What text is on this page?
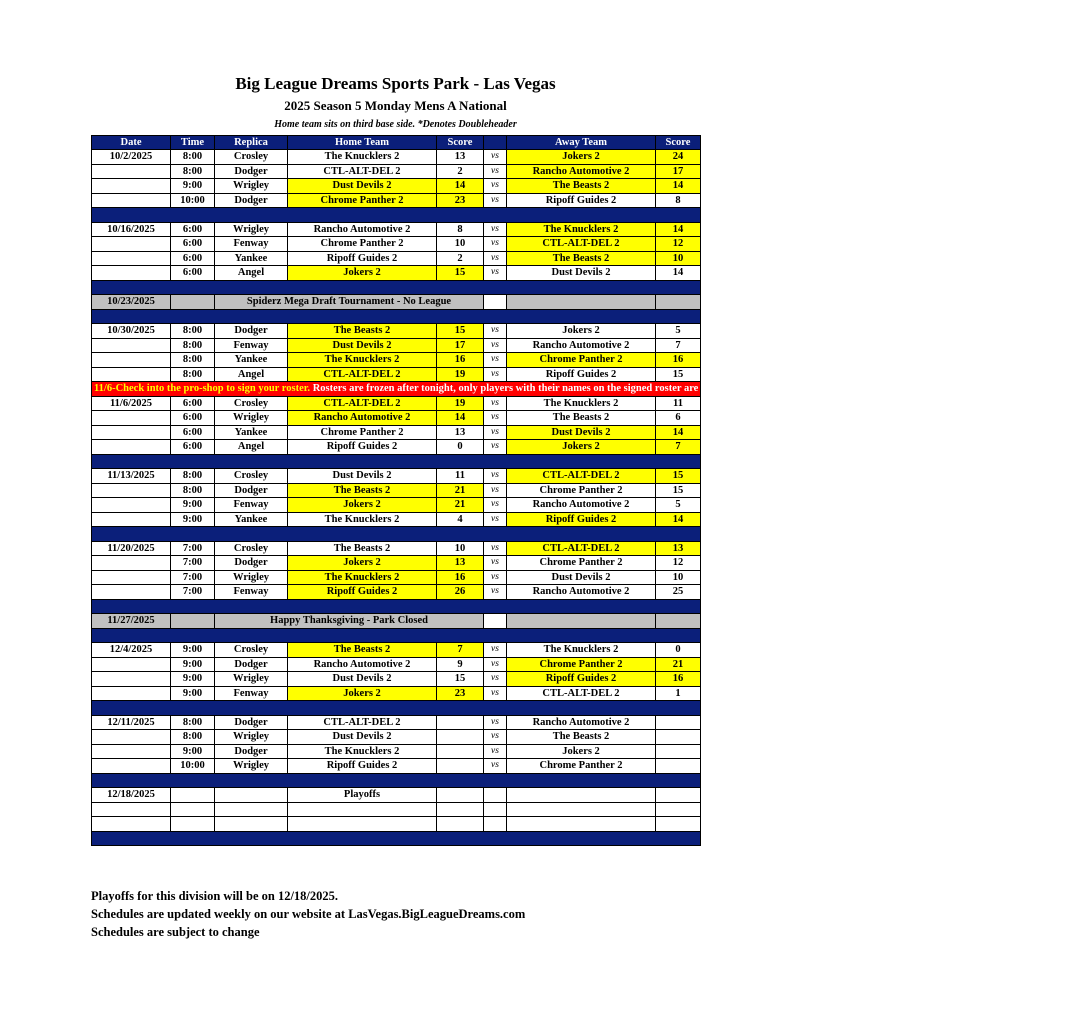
Big League Dreams Sports Park - Las Vegas
2025 Season 5 Monday Mens A National
Home team sits on third base side. *Denotes Doubleheader
Date	Time	Replica	Home Team	Score		Away Team	Score
10/2/2025	8:00	Crosley	The Knucklers 2	13	vs	Jokers 2	24
	8:00	Dodger	CTL-ALT-DEL 2	2	vs	Rancho Automotive 2	17
	9:00	Wrigley	Dust Devils 2	14	vs	The Beasts 2	14
	10:00	Dodger	Chrome Panther 2	23	vs	Ripoff Guides 2	8

10/16/2025	6:00	Wrigley	Rancho Automotive 2	8	vs	The Knucklers 2	14
	6:00	Fenway	Chrome Panther 2	10	vs	CTL-ALT-DEL 2	12
	6:00	Yankee	Ripoff Guides 2	2	vs	The Beasts 2	10
	6:00	Angel	Jokers 2	15	vs	Dust Devils 2	14

10/23/2025		Spiderz Mega Draft Tournament - No League					

10/30/2025	8:00	Dodger	The Beasts 2	15	vs	Jokers 2	5
	8:00	Fenway	Dust Devils 2	17	vs	Rancho Automotive 2	7
	8:00	Yankee	The Knucklers 2	16	vs	Chrome Panther 2	16
	8:00	Angel	CTL-ALT-DEL 2	19	vs	Ripoff Guides 2	15
11/6-Check into the pro-shop to sign your roster. Rosters are frozen after tonight, only players with their names on the signed roster are eligible for playoffs. Please check carefully as changes will not be made for omissions.							
11/6/2025	6:00	Crosley	CTL-ALT-DEL 2	19	vs	The Knucklers 2	11
	6:00	Wrigley	Rancho Automotive 2	14	vs	The Beasts 2	6
	6:00	Yankee	Chrome Panther 2	13	vs	Dust Devils 2	14
	6:00	Angel	Ripoff Guides 2	0	vs	Jokers 2	7

11/13/2025	8:00	Crosley	Dust Devils 2	11	vs	CTL-ALT-DEL 2	15
	8:00	Dodger	The Beasts 2	21	vs	Chrome Panther 2	15
	9:00	Fenway	Jokers 2	21	vs	Rancho Automotive 2	5
	9:00	Yankee	The Knucklers 2	4	vs	Ripoff Guides 2	14

11/20/2025	7:00	Crosley	The Beasts 2	10	vs	CTL-ALT-DEL 2	13
	7:00	Dodger	Jokers 2	13	vs	Chrome Panther 2	12
	7:00	Wrigley	The Knucklers 2	16	vs	Dust Devils 2	10
	7:00	Fenway	Ripoff Guides 2	26	vs	Rancho Automotive 2	25

11/27/2025		Happy Thanksgiving - Park Closed					

12/4/2025	9:00	Crosley	The Beasts 2	7	vs	The Knucklers 2	0
	9:00	Dodger	Rancho Automotive 2	9	vs	Chrome Panther 2	21
	9:00	Wrigley	Dust Devils 2	15	vs	Ripoff Guides 2	16
	9:00	Fenway	Jokers 2	23	vs	CTL-ALT-DEL 2	1

12/11/2025	8:00	Dodger	CTL-ALT-DEL 2		vs	Rancho Automotive 2	
	8:00	Wrigley	Dust Devils 2		vs	The Beasts 2	
	9:00	Dodger	The Knucklers 2		vs	Jokers 2	
	10:00	Wrigley	Ripoff Guides 2		vs	Chrome Panther 2	

12/18/2025			Playoffs				

Playoffs for this division will be on 12/18/2025.
Schedules are updated weekly on our website at LasVegas.BigLeagueDreams.com
Schedules are subject to change
